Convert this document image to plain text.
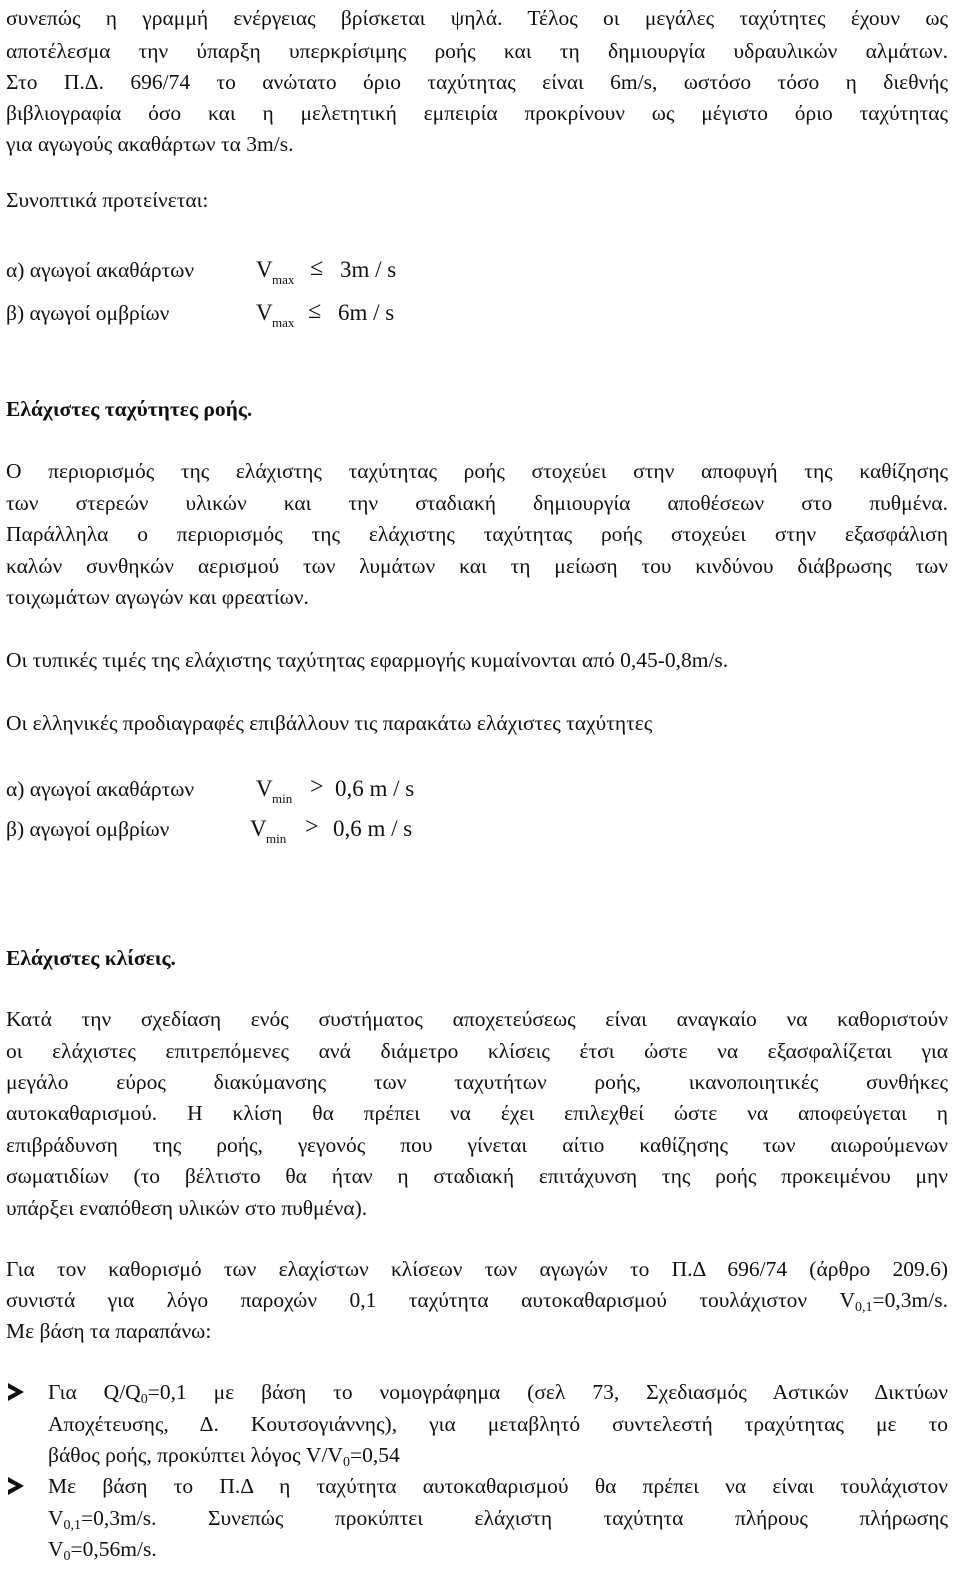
συνεπώς η γραμμή ενέργειας βρίσκεται ψηλά. Τέλος οι μεγάλες ταχύτητες έχουν ως
αποτέλεσμα την ύπαρξη υπερκρίσιμης ροής και τη δημιουργία υδραυλικών αλμάτων.
Στο Π.Δ. 696/74 το ανώτατο όριο ταχύτητας είναι 6m/s, ωστόσο τόσο η διεθνής
βιβλιογραφία όσο και η μελετητική εμπειρία προκρίνουν ως μέγιστο όριο ταχύτητας
για αγωγούς ακαθάρτων τα 3m/s.
Συνοπτικά προτείνεται:
α) αγωγοί ακαθάρτων	V max ≤ 3m / s
β) αγωγοί ομβρίων	V max ≤ 6m / s
Ελάχιστες ταχύτητες ροής.
Ο περιορισμός της ελάχιστης ταχύτητας ροής στοχεύει στην αποφυγή της καθίζησης
των στερεών υλικών και την σταδιακή δημιουργία αποθέσεων στο πυθμένα.
Παράλληλα ο περιορισμός της ελάχιστης ταχύτητας ροής στοχεύει στην εξασφάλιση
καλών συνθηκών αερισμού των λυμάτων και τη μείωση του κινδύνου διάβρωσης των
τοιχωμάτων αγωγών και φρεατίων.
Οι τυπικές τιμές της ελάχιστης ταχύτητας εφαρμογής κυμαίνονται από 0,45-0,8m/s.
Οι ελληνικές προδιαγραφές επιβάλλουν τις παρακάτω ελάχιστες ταχύτητες
α) αγωγοί ακαθάρτων	V min > 0,6 m / s
β) αγωγοί ομβρίων	V min > 0,6 m / s
Ελάχιστες κλίσεις.
Κατά την σχεδίαση ενός συστήματος αποχετεύσεως είναι αναγκαίο να καθοριστούν
οι ελάχιστες επιτρεπόμενες ανά διάμετρο κλίσεις έτσι ώστε να εξασφαλίζεται για
μεγάλο εύρος διακύμανσης των ταχυτήτων ροής, ικανοποιητικές συνθήκες
αυτοκαθαρισμού. Η κλίση θα πρέπει να έχει επιλεχθεί ώστε να αποφεύγεται η
επιβράδυνση της ροής, γεγονός που γίνεται αίτιο καθίζησης των αιωρούμενων
σωματιδίων (το βέλτιστο θα ήταν η σταδιακή επιτάχυνση της ροής προκειμένου μην
υπάρξει εναπόθεση υλικών στο πυθμένα).
Για τον καθορισμό των ελαχίστων κλίσεων των αγωγών το Π.Δ 696/74 (άρθρο 209.6)
συνιστά για λόγο παροχών 0,1 ταχύτητα αυτοκαθαρισμού τουλάχιστον $V_{0,1}=0,3m/s$.
Με βάση τα παραπάνω:
Για $Q/Q_0=0,1$ με βάση το νομογράφημα (σελ 73, Σχεδιασμός Αστικών Δικτύων
Αποχέτευσης, Δ. Κουτσογιάννης), για μεταβλητό συντελεστή τραχύτητας με το
βάθος ροής, προκύπτει λόγος $V/V_0=0,54$
Με βάση το Π.Δ η ταχύτητα αυτοκαθαρισμού θα πρέπει να είναι τουλάχιστον
$V_{0,1}=0,3m/s$. Συνεπώς προκύπτει ελάχιστη ταχύτητα πλήρους πλήρωσης
$V_0=0,56m/s$.
